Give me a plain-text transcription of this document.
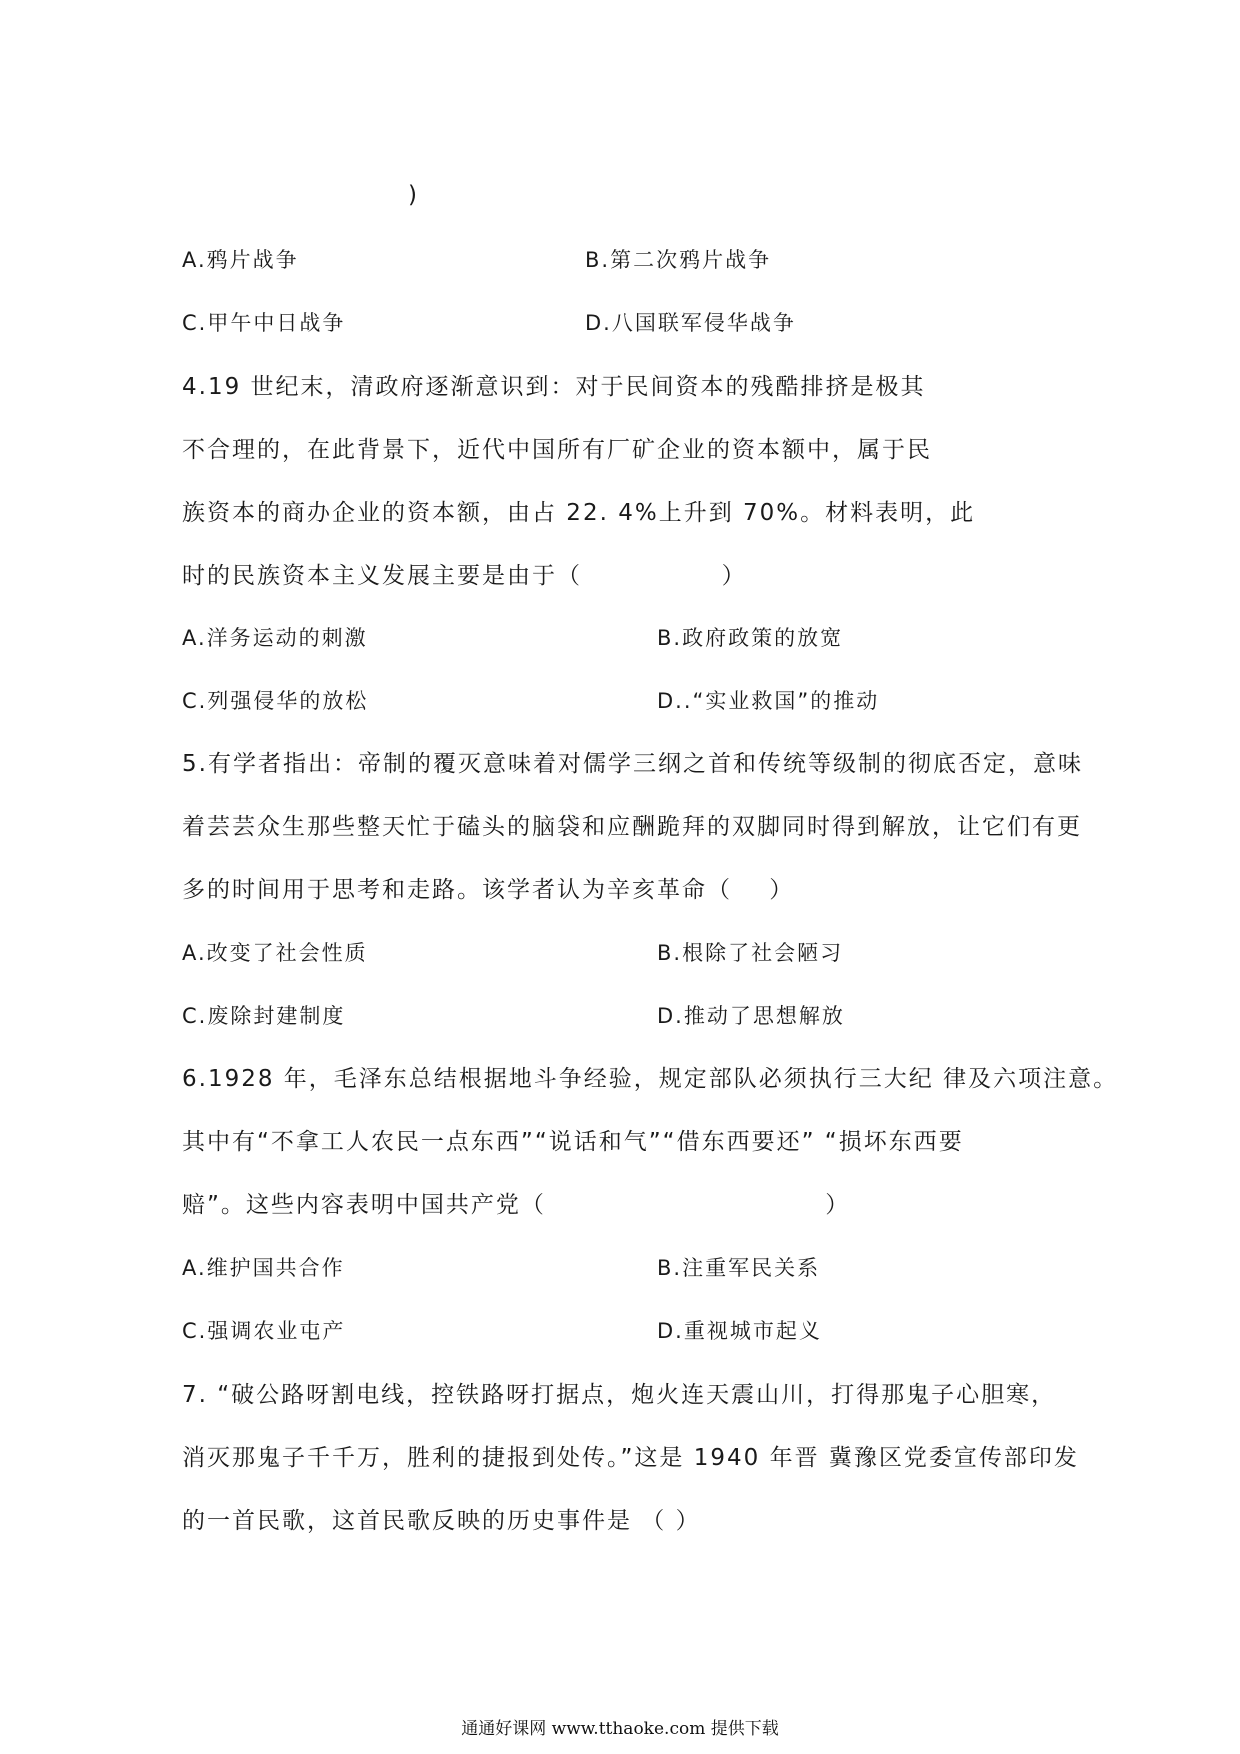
)
A.鸦片战争	B.第二次鸦片战争
C.甲午中日战争	D.八国联军侵华战争
4.19 世纪末，清政府逐渐意识到：对于民间资本的残酷排挤是极其
不合理的，在此背景下，近代中国所有厂矿企业的资本额中，属于民
族资本的商办企业的资本额，由占 22. 4%上升到 70%。材料表明，此
时的民族资本主义发展主要是由于（               ）
A.洋务运动的刺激	B.政府政策的放宽
C.列强侵华的放松	D..“实业救国”的推动
5.有学者指出：帝制的覆灭意味着对儒学三纲之首和传统等级制的彻底否定，意味
着芸芸众生那些整天忙于磕头的脑袋和应酬跪拜的双脚同时得到解放，让它们有更
多的时间用于思考和走路。该学者认为辛亥革命（    ）
A.改变了社会性质	B.根除了社会陋习
C.废除封建制度	D.推动了思想解放
6.1928 年，毛泽东总结根据地斗争经验，规定部队必须执行三大纪 律及六项注意。
其中有“不拿工人农民一点东西”“说话和气”“借东西要还” “损坏东西要
赔”。这些内容表明中国共产党（                              ）
A.维护国共合作	B.注重军民关系
C.强调农业屯产	D.重视城市起义
7. “破公路呀割电线，控铁路呀打据点，炮火连天震山川，打得那鬼子心胆寒，
消灭那鬼子千千万，胜利的捷报到处传。”这是 1940 年晋 冀豫区党委宣传部印发
的一首民歌，这首民歌反映的历史事件是 （ ）
通通好课网 www.tthaoke.com 提供下载
